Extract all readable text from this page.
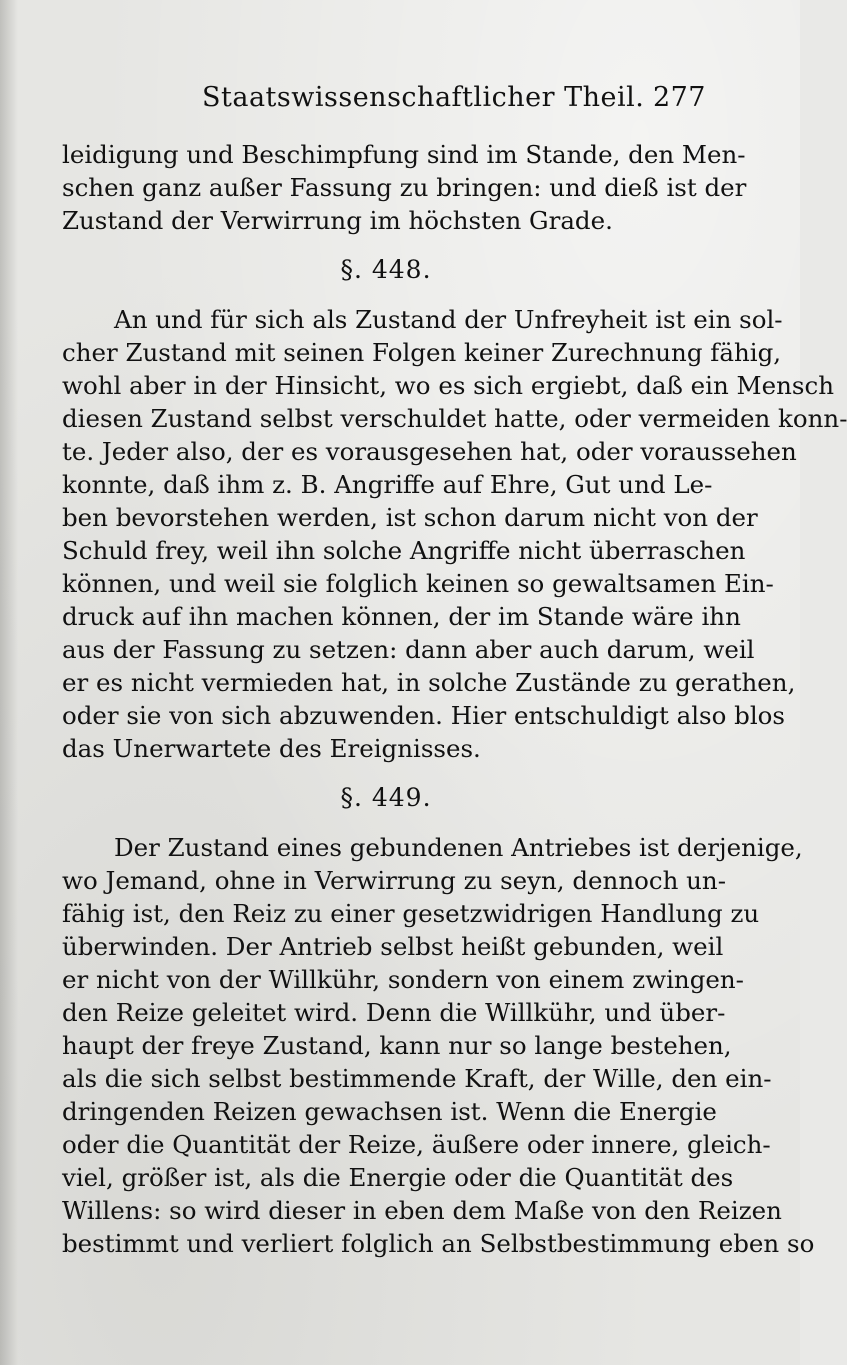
Staatswissenschaftlicher Theil. 277
leidigung und Beschimpfung sind im Stande, den Men-
schen ganz außer Fassung zu bringen: und dieß ist der
Zustand der Verwirrung im höchsten Grade.
§. 448.
An und für sich als Zustand der Unfreyheit ist ein sol-
cher Zustand mit seinen Folgen keiner Zurechnung fähig,
wohl aber in der Hinsicht, wo es sich ergiebt, daß ein Mensch
diesen Zustand selbst verschuldet hatte, oder vermeiden konn-
te. Jeder also, der es vorausgesehen hat, oder voraussehen
konnte, daß ihm z. B. Angriffe auf Ehre, Gut und Le-
ben bevorstehen werden, ist schon darum nicht von der
Schuld frey, weil ihn solche Angriffe nicht überraschen
können, und weil sie folglich keinen so gewaltsamen Ein-
druck auf ihn machen können, der im Stande wäre ihn
aus der Fassung zu setzen: dann aber auch darum, weil
er es nicht vermieden hat, in solche Zustände zu gerathen,
oder sie von sich abzuwenden. Hier entschuldigt also blos
das Unerwartete des Ereignisses.
§. 449.
Der Zustand eines gebundenen Antriebes ist derjenige,
wo Jemand, ohne in Verwirrung zu seyn, dennoch un-
fähig ist, den Reiz zu einer gesetzwidrigen Handlung zu
überwinden. Der Antrieb selbst heißt gebunden, weil
er nicht von der Willkühr, sondern von einem zwingen-
den Reize geleitet wird. Denn die Willkühr, und über-
haupt der freye Zustand, kann nur so lange bestehen,
als die sich selbst bestimmende Kraft, der Wille, den ein-
dringenden Reizen gewachsen ist. Wenn die Energie
oder die Quantität der Reize, äußere oder innere, gleich-
viel, größer ist, als die Energie oder die Quantität des
Willens: so wird dieser in eben dem Maße von den Reizen
bestimmt und verliert folglich an Selbstbestimmung eben so
